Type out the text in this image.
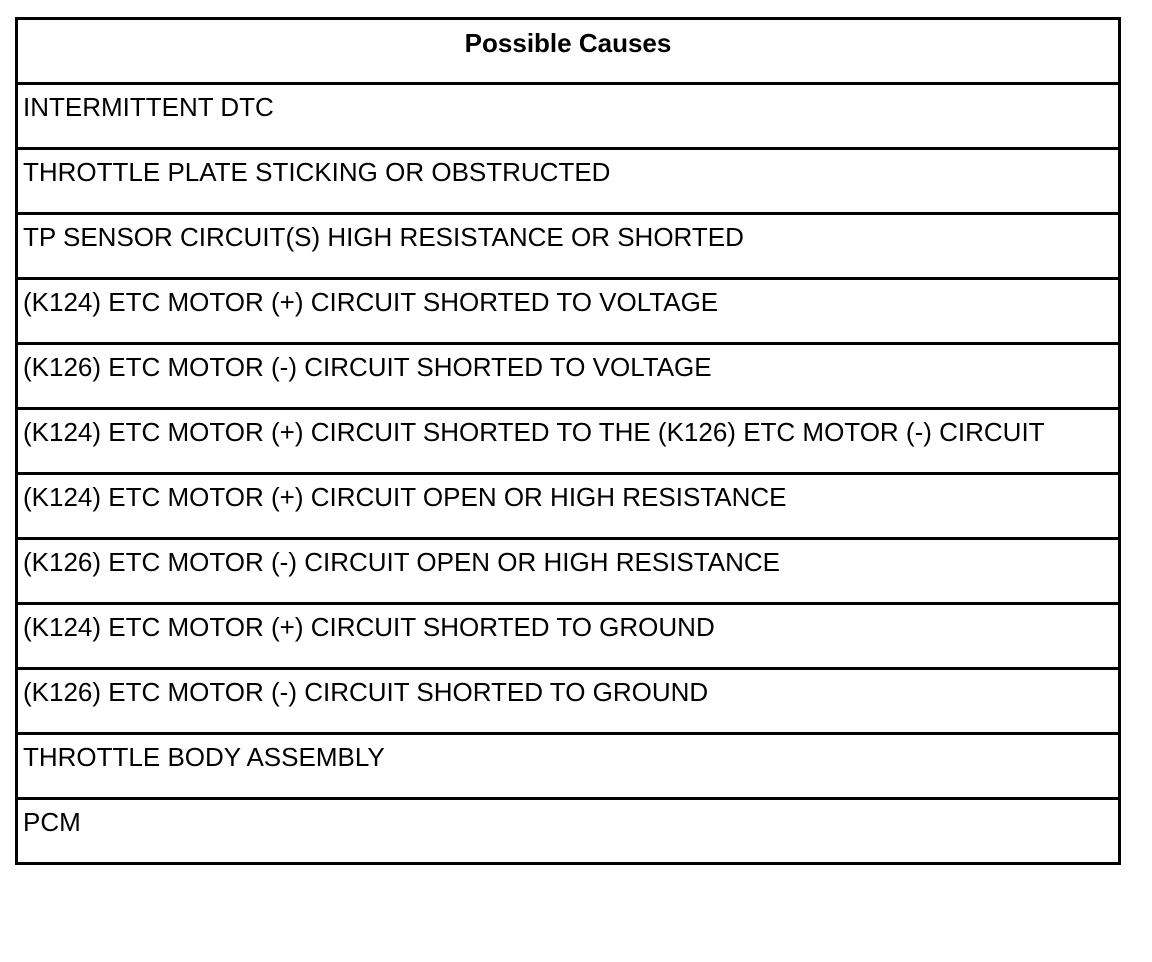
Possible Causes
INTERMITTENT DTC
THROTTLE PLATE STICKING OR OBSTRUCTED
TP SENSOR CIRCUIT(S) HIGH RESISTANCE OR SHORTED
(K124) ETC MOTOR (+) CIRCUIT SHORTED TO VOLTAGE
(K126) ETC MOTOR (-) CIRCUIT SHORTED TO VOLTAGE
(K124) ETC MOTOR (+) CIRCUIT SHORTED TO THE (K126) ETC MOTOR (-) CIRCUIT
(K124) ETC MOTOR (+) CIRCUIT OPEN OR HIGH RESISTANCE
(K126) ETC MOTOR (-) CIRCUIT OPEN OR HIGH RESISTANCE
(K124) ETC MOTOR (+) CIRCUIT SHORTED TO GROUND
(K126) ETC MOTOR (-) CIRCUIT SHORTED TO GROUND
THROTTLE BODY ASSEMBLY
PCM
